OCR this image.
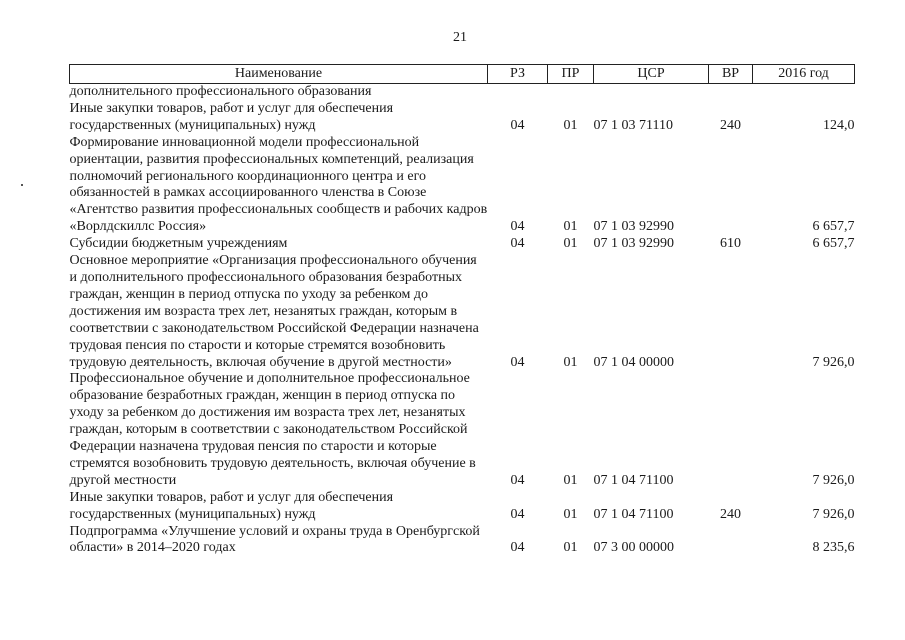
21
Наименование	РЗ	ПР	ЦСР	ВР	2016 год
дополнительного профессионального образования					
Иные закупки товаров, работ и услуг для обеспечения государственных (муниципальных) нужд	04	01	07 1 03 71110	240	124,0
Формирование инновационной модели профессиональной ориентации, развития профессиональных компетенций, реализация полномочий регионального координационного центра и его обязанностей в рамках ассоциированного членства в Союзе «Агентство развития профессиональных сообществ и рабочих кадров «Ворлдскиллс Россия»	04	01	07 1 03 92990		6 657,7
Субсидии бюджетным учреждениям	04	01	07 1 03 92990	610	6 657,7
Основное мероприятие «Организация профессионального обучения и дополнительного профессионального образования безработных граждан, женщин в период отпуска по уходу за ребенком до достижения им возраста трех лет, незанятых граждан, которым в соответствии с законодательством Российской Федерации назначена трудовая пенсия по старости и которые стремятся возобновить трудовую деятельность, включая обучение в другой местности»	04	01	07 1 04 00000		7 926,0
Профессиональное обучение и дополнительное профессиональное образование безработных граждан, женщин в период отпуска по уходу за ребенком до достижения им возраста трех лет, незанятых граждан, которым в соответствии с законодательством Российской Федерации назначена трудовая пенсия по старости и которые стремятся возобновить трудовую деятельность, включая обучение в другой местности	04	01	07 1 04 71100		7 926,0
Иные закупки товаров, работ и услуг для обеспечения государственных (муниципальных) нужд	04	01	07 1 04 71100	240	7 926,0
Подпрограмма «Улучшение условий и охраны труда в Оренбургской области» в 2014–2020 годах	04	01	07 3 00 00000		8 235,6
